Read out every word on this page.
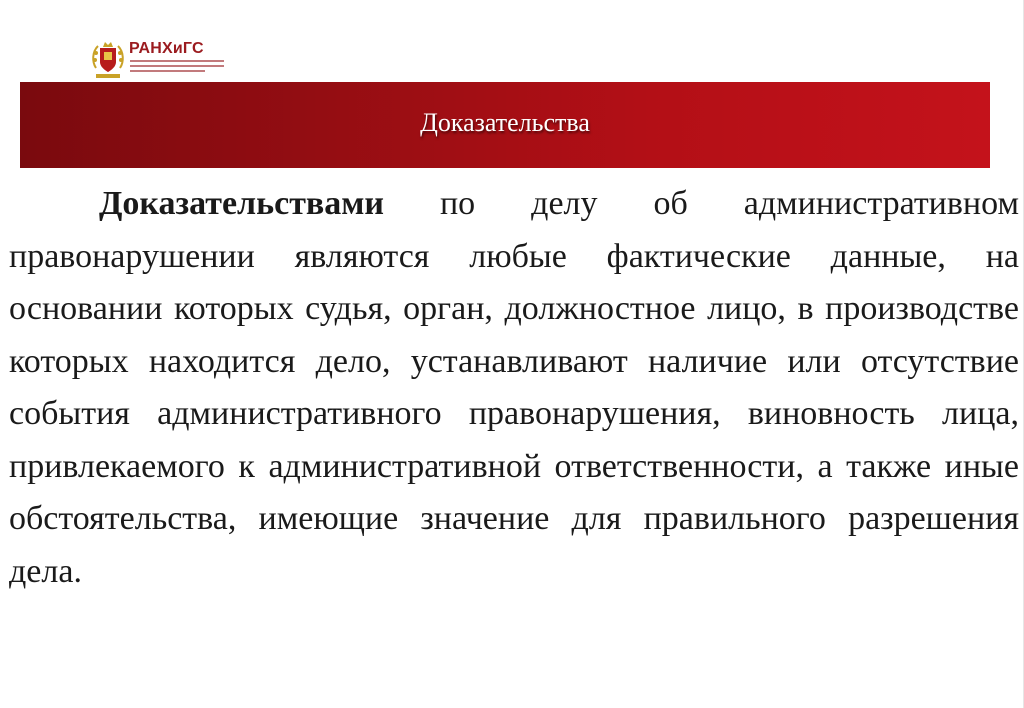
РАНХиГС
Доказательства

Доказательствами по делу об административном правонарушении являются любые фактические данные, на основании которых судья, орган, должностное лицо, в производстве которых находится дело, устанавливают наличие или отсутствие события административного правонарушения, виновность лица, привлекаемого к административной ответственности, а также иные обстоятельства, имеющие значение для правильного разрешения дела.
